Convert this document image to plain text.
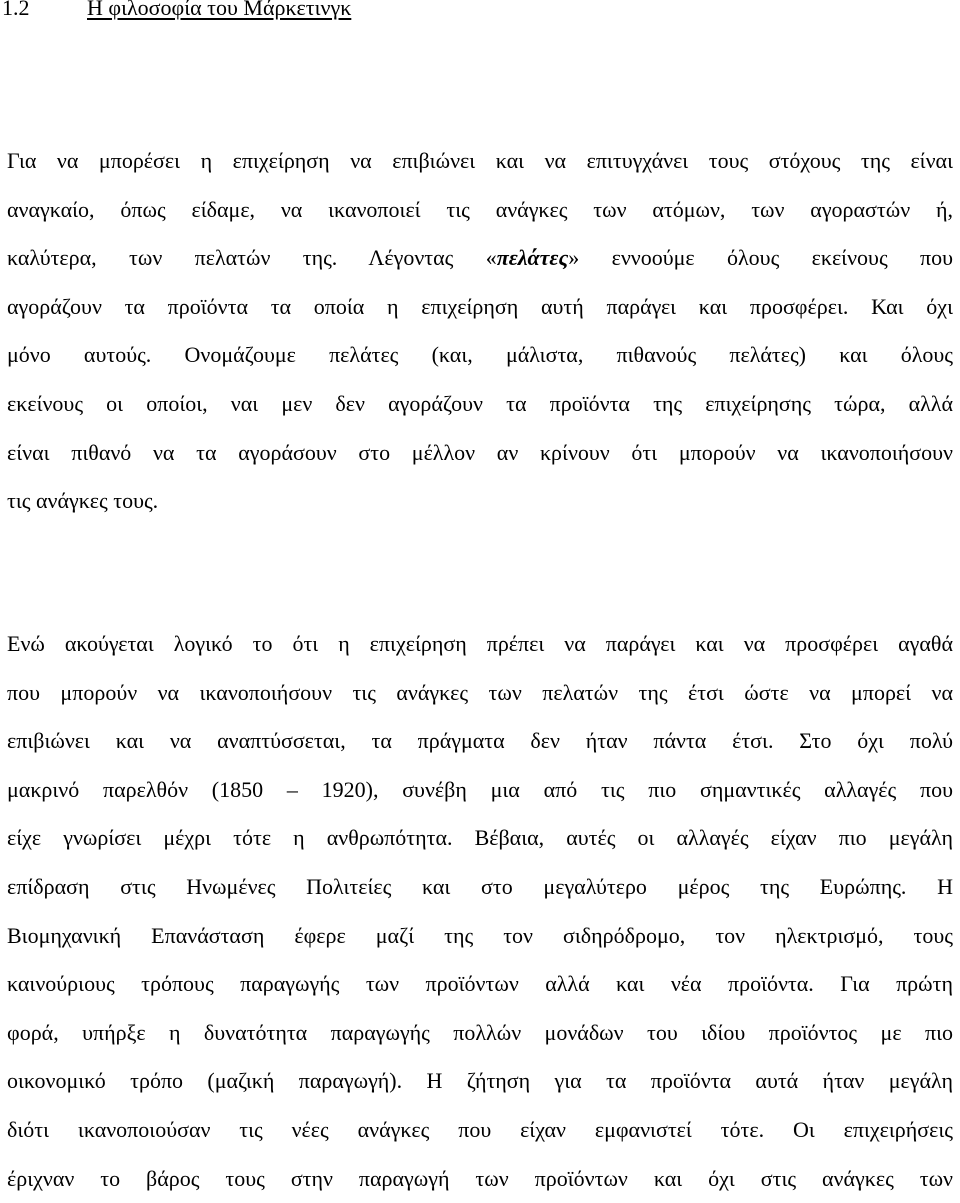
1.2	Η φιλοσοφία του Μάρκετινγκ
Για να μπορέσει η επιχείρηση να επιβιώνει και να επιτυγχάνει τους στόχους της είναι
αναγκαίο, όπως είδαμε, να ικανοποιεί τις ανάγκες των ατόμων, των αγοραστών ή,
καλύτερα, των πελατών της. Λέγοντας «πελάτες» εννοούμε όλους εκείνους που
αγοράζουν τα προϊόντα τα οποία η επιχείρηση αυτή παράγει και προσφέρει. Και όχι
μόνο αυτούς. Ονομάζουμε πελάτες (και, μάλιστα, πιθανούς πελάτες) και όλους
εκείνους οι οποίοι, ναι μεν δεν αγοράζουν τα προϊόντα της επιχείρησης τώρα, αλλά
είναι πιθανό να τα αγοράσουν στο μέλλον αν κρίνουν ότι μπορούν να ικανοποιήσουν
τις ανάγκες τους.
Ενώ ακούγεται λογικό το ότι η επιχείρηση πρέπει να παράγει και να προσφέρει αγαθά
που μπορούν να ικανοποιήσουν τις ανάγκες των πελατών της έτσι ώστε να μπορεί να
επιβιώνει και να αναπτύσσεται, τα πράγματα δεν ήταν πάντα έτσι. Στο όχι πολύ
μακρινό παρελθόν (1850 – 1920), συνέβη μια από τις πιο σημαντικές αλλαγές που
είχε γνωρίσει μέχρι τότε η ανθρωπότητα. Βέβαια, αυτές οι αλλαγές είχαν πιο μεγάλη
επίδραση στις Ηνωμένες Πολιτείες και στο μεγαλύτερο μέρος της Ευρώπης. Η
Βιομηχανική Επανάσταση έφερε μαζί της τον σιδηρόδρομο, τον ηλεκτρισμό, τους
καινούριους τρόπους παραγωγής των προϊόντων αλλά και νέα προϊόντα. Για πρώτη
φορά, υπήρξε η δυνατότητα παραγωγής πολλών μονάδων του ιδίου προϊόντος με πιο
οικονομικό τρόπο (μαζική παραγωγή). Η ζήτηση για τα προϊόντα αυτά ήταν μεγάλη
διότι ικανοποιούσαν τις νέες ανάγκες που είχαν εμφανιστεί τότε. Οι επιχειρήσεις
έριχναν το βάρος τους στην παραγωγή των προϊόντων και όχι στις ανάγκες των
